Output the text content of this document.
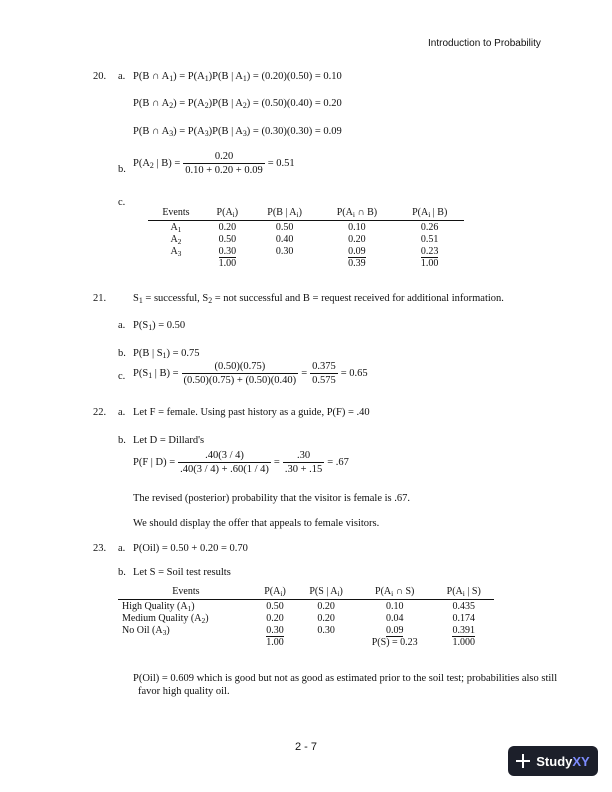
Introduction to Probability
20. a. P(B ∩ $A_1) = P(A_1)P(B$ | $A_1) = (0.20)(0.50) = 0.10$
P(B ∩ $A_2) = P(A_2)P(B$ | $A_2) = (0.50)(0.40) = 0.20$
P(B ∩ $A_3) = P(A_3)P(B$ | $A_3) = (0.30)(0.30) = 0.09$
b.
$P(A_2$ | $B) = \frac{0.20}{0.10 + 0.20 + 0.09} = 0.51$
c.
Events	$P(A_i)$	P(B | $A_i$)	$P(A_i$ ∩ B)	$P(A_i$ | B)
$A_1$	0.20	0.50	0.10	0.26
$A_2$	0.50	0.40	0.20	0.51
$A_3$	0.30	0.30	0.09	0.23
	1.00		0.39	1.00
21.	$S_1$ = successful, $S_2$ = not successful and B = request received for additional information.
a. $P(S_1) = 0.50$
b. P(B | $S_1) = 0.75$
c. $P(S_1$ | $B) = \frac{(0.50)(0.75)}{(0.50)(0.75) + (0.50)(0.40)} = \frac{0.375}{0.575} = 0.65$
22. a. Let F = female. Using past history as a guide, P(F) = .40
b. Let D = Dillard's
P(F | $D) = \frac{.40(3 / 4)}{.40(3 / 4) + .60(1 / 4)} = \frac{.30}{.30 + .15} = .67$
The revised (posterior) probability that the visitor is female is .67.
We should display the offer that appeals to female visitors.
23. a. P(Oil) = 0.50 + 0.20 = 0.70
b. Let S = Soil test results
Events	$P(A_i)$	P(S | $A_i$)	$P(A_i$ ∩ S)	$P(A_i$ | S)
High Quality $(A_1)$	0.50	0.20	0.10	0.435
Medium Quality $(A_2)$	0.20	0.20	0.04	0.174
No Oil $(A_3)$	0.30	0.30	0.09	0.391
	1.00		P(S) = 0.23	1.000
P(Oil) = 0.609 which is good but not as good as estimated prior to the soil test; probabilities also still
favor high quality oil.
2 - 7
StudyXY
